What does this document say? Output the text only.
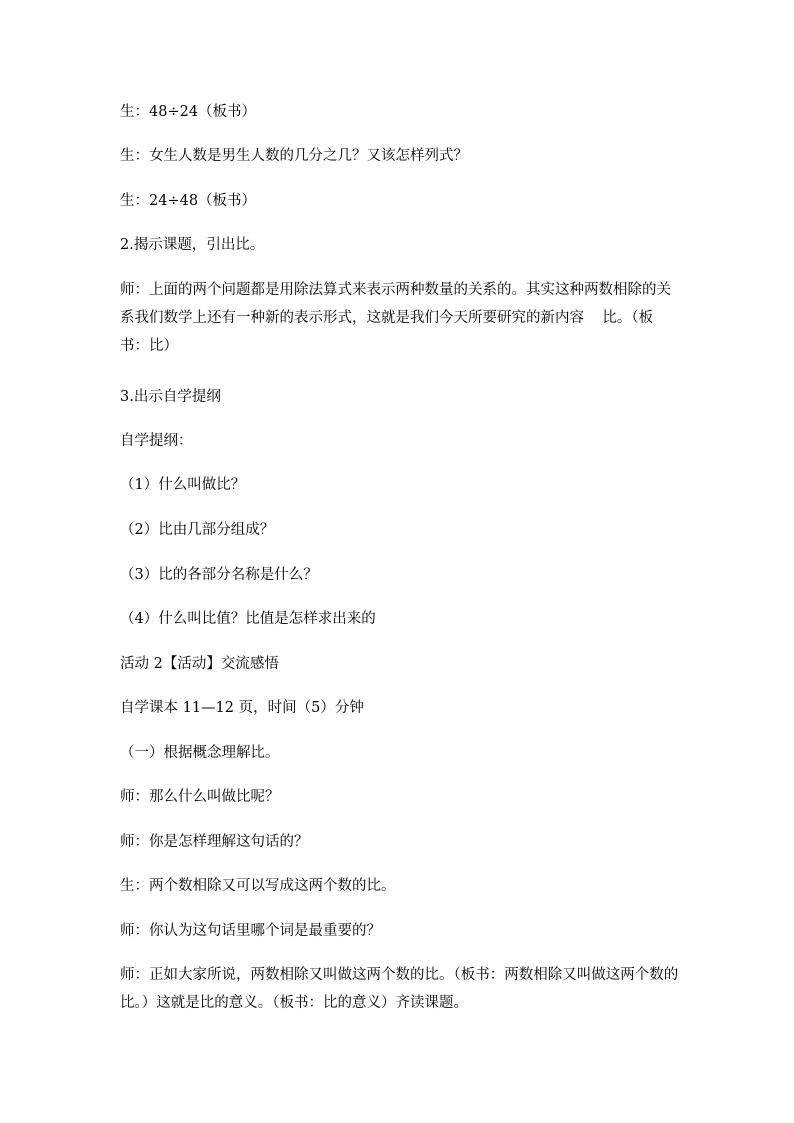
生：48÷24（板书）

生：女生人数是男生人数的几分之几？又该怎样列式？

生：24÷48（板书）

2.揭示课题，引出比。

师：上面的两个问题都是用除法算式来表示两种数量的关系的。其实这种两数相除的关系我们数学上还有一种新的表示形式，这就是我们今天所要研究的新内容    比。（板书：比）

3.出示自学提纲

自学提纲：

（1）什么叫做比？

（2）比由几部分组成？

（3）比的各部分名称是什么？

（4）什么叫比值？比值是怎样求出来的

活动 2【活动】交流感悟

自学课本 11—12 页，时间（5）分钟

（一）根据概念理解比。

师：那么什么叫做比呢？

师：你是怎样理解这句话的？

生：两个数相除又可以写成这两个数的比。

师：你认为这句话里哪个词是最重要的？

师：正如大家所说，两数相除又叫做这两个数的比。（板书：两数相除又叫做这两个数的比。）这就是比的意义。（板书：比的意义）齐读课题。
